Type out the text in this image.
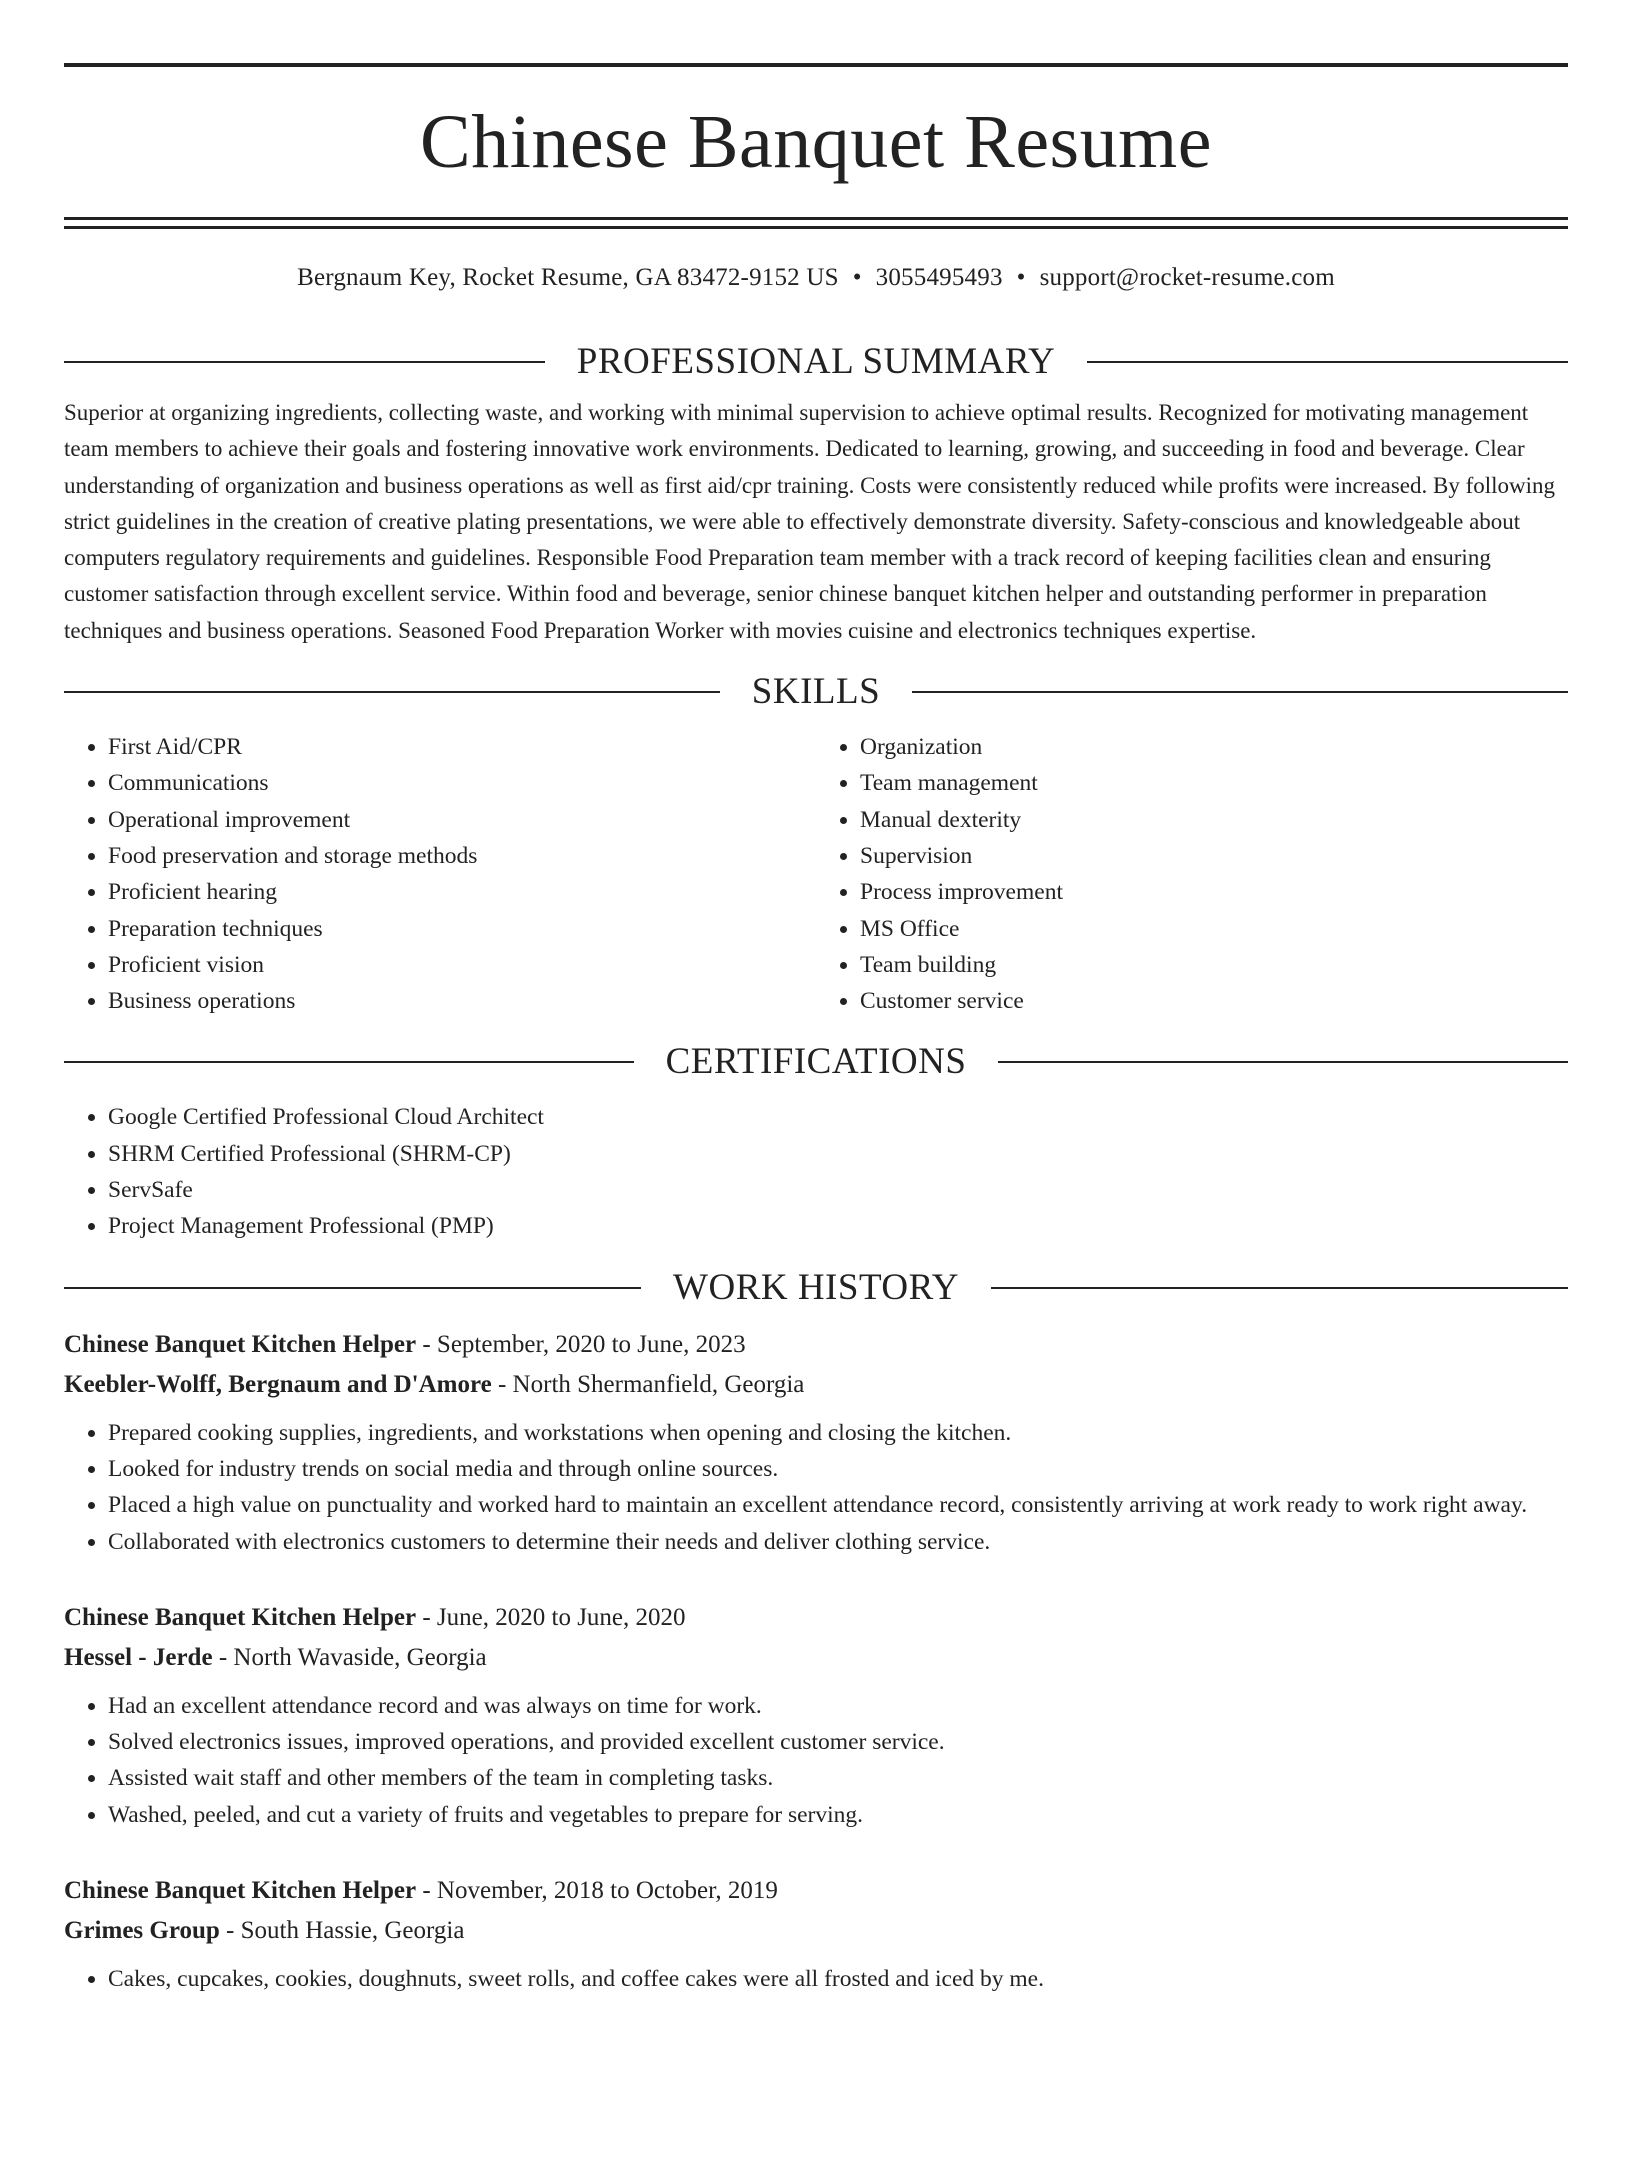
Chinese Banquet Resume
Bergnaum Key, Rocket Resume, GA 83472-9152 US • 3055495493 • support@rocket-resume.com
PROFESSIONAL SUMMARY

Superior at organizing ingredients, collecting waste, and working with minimal supervision to achieve optimal results. Recognized for motivating management team members to achieve their goals and fostering innovative work environments. Dedicated to learning, growing, and succeeding in food and beverage. Clear understanding of organization and business operations as well as first aid/cpr training. Costs were consistently reduced while profits were increased. By following strict guidelines in the creation of creative plating presentations, we were able to effectively demonstrate diversity. Safety-conscious and knowledgeable about computers regulatory requirements and guidelines. Responsible Food Preparation team member with a track record of keeping facilities clean and ensuring customer satisfaction through excellent service. Within food and beverage, senior chinese banquet kitchen helper and outstanding performer in preparation techniques and business operations. Seasoned Food Preparation Worker with movies cuisine and electronics techniques expertise.

SKILLS
• First Aid/CPR
• Communications
• Operational improvement
• Food preservation and storage methods
• Proficient hearing
• Preparation techniques
• Proficient vision
• Business operations
• Organization
• Team management
• Manual dexterity
• Supervision
• Process improvement
• MS Office
• Team building
• Customer service
CERTIFICATIONS
• Google Certified Professional Cloud Architect
• SHRM Certified Professional (SHRM-CP)
• ServSafe
• Project Management Professional (PMP)
WORK HISTORY
Chinese Banquet Kitchen Helper - September, 2020 to June, 2023
Keebler-Wolff, Bergnaum and D'Amore - North Shermanfield, Georgia
• Prepared cooking supplies, ingredients, and workstations when opening and closing the kitchen.
• Looked for industry trends on social media and through online sources.
• Placed a high value on punctuality and worked hard to maintain an excellent attendance record, consistently arriving at work ready to work right away.
• Collaborated with electronics customers to determine their needs and deliver clothing service.
Chinese Banquet Kitchen Helper - June, 2020 to June, 2020
Hessel - Jerde - North Wavaside, Georgia
• Had an excellent attendance record and was always on time for work.
• Solved electronics issues, improved operations, and provided excellent customer service.
• Assisted wait staff and other members of the team in completing tasks.
• Washed, peeled, and cut a variety of fruits and vegetables to prepare for serving.
Chinese Banquet Kitchen Helper - November, 2018 to October, 2019
Grimes Group - South Hassie, Georgia
• Cakes, cupcakes, cookies, doughnuts, sweet rolls, and coffee cakes were all frosted and iced by me.
